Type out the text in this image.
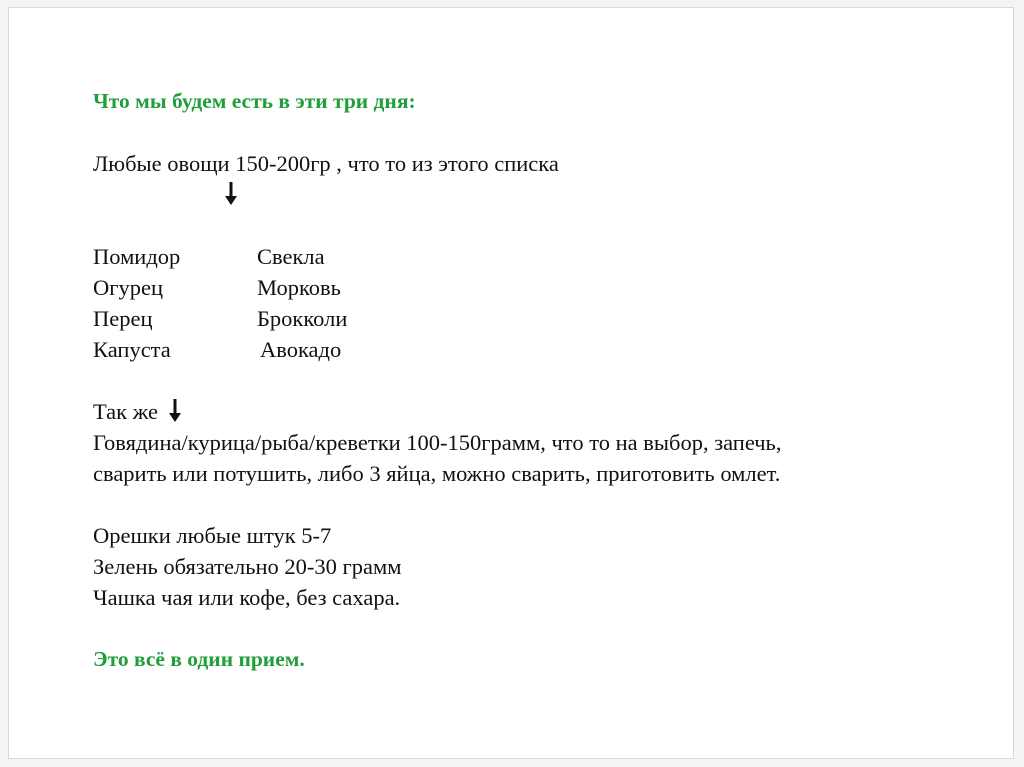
Что мы будем есть в эти три дня:
Любые овощи 150-200гр , что то из этого списка
Помидор	Свекла
Огурец	Морковь
Перец	Брокколи
Капуста	Авокадо
Так же
Говядина/курица/рыба/креветки 100-150грамм, что то на выбор, запечь,
сварить или потушить, либо 3 яйца, можно сварить, приготовить омлет.
Орешки любые штук 5-7
Зелень обязательно 20-30 грамм
Чашка чая или кофе, без сахара.
Это всё в один прием.
